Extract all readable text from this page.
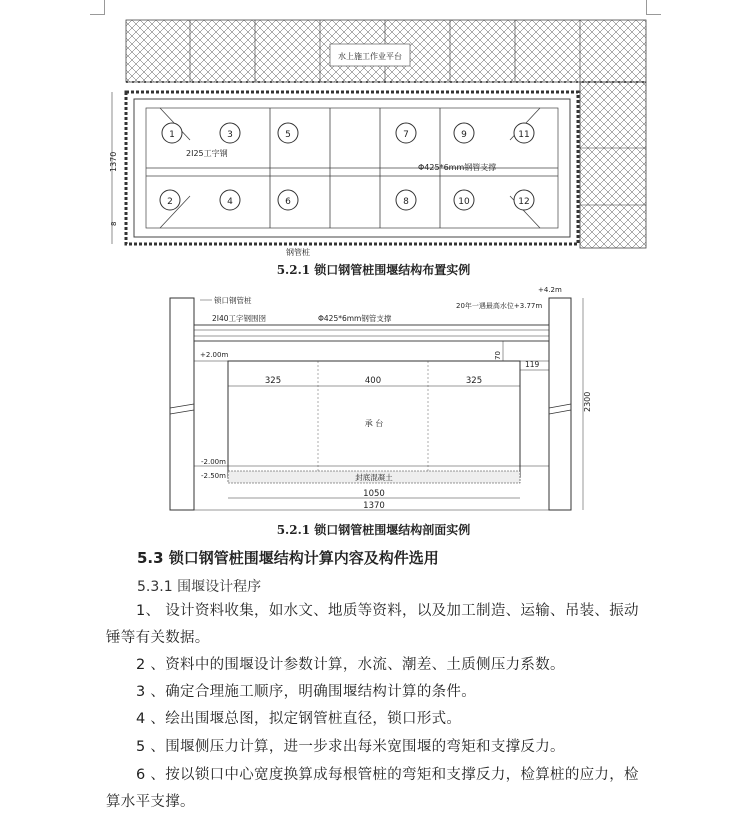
水上施工作业平台
1	3	5	7	9	11
2	4	6	8	10	12
2I25工字钢
Φ425*6mm钢管支撑
1370
8
钢管桩
5.2.1 锁口钢管桩围堰结构布置实例
锁口钢管桩
2I40工字钢围囹	Φ425*6mm钢管支撑
+4.2m
20年一遇最高水位+3.77m
+2.00m	70
119
325	400	325
承 台
2300
-2.00m
-2.50m	封底混凝土
1050
1370
5.2.1 锁口钢管桩围堰结构剖面实例
5.3 锁口钢管桩围堰结构计算内容及构件选用
5.3.1 围堰设计程序
1、 设计资料收集，如水文、地质等资料，以及加工制造、运输、吊装、振动锤等有关数据。
2 、资料中的围堰设计参数计算，水流、潮差、土质侧压力系数。
3 、确定合理施工顺序，明确围堰结构计算的条件。
4 、绘出围堰总图，拟定钢管桩直径，锁口形式。
5 、围堰侧压力计算，进一步求出每米宽围堰的弯矩和支撑反力。
6 、按以锁口中心宽度换算成每根管桩的弯矩和支撑反力，检算桩的应力，检算水平支撑。
